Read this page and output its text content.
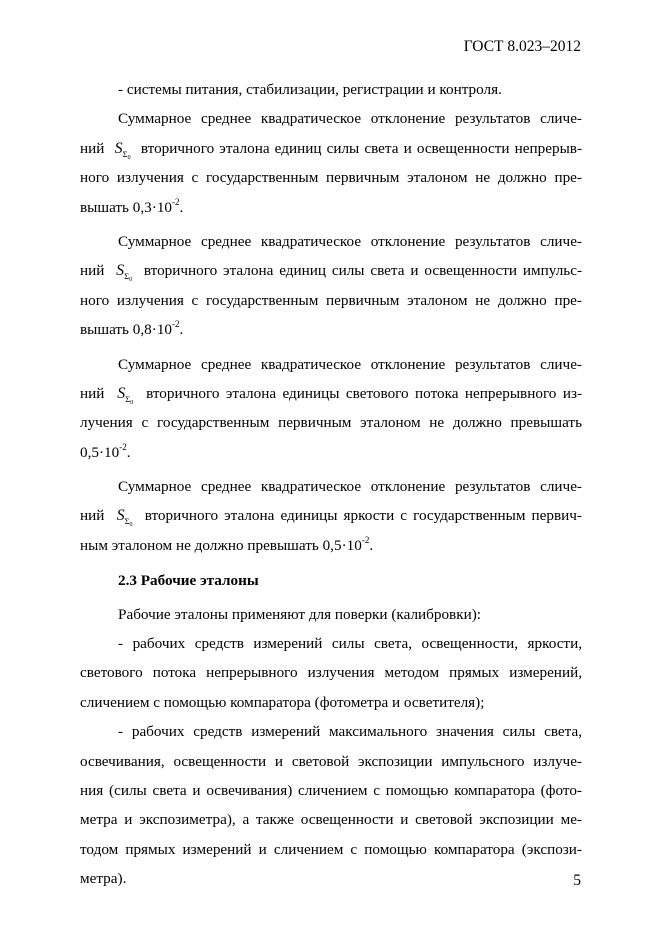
ГОСТ 8.023–2012
- системы питания, стабилизации, регистрации и контроля.
Суммарное среднее квадратическое отклонение результатов сличе-
ний $S_{\Sigma_0}$  вторичного эталона единиц силы света и освещенности непрерыв-
ного излучения с государственным первичным эталоном не должно пре-
вышать $0,3\cdot 10^{-2}$.
Суммарное среднее квадратическое отклонение результатов сличе-
ний $S_{\Sigma_0}$  вторичного эталона единиц силы света и освещенности импульс-
ного излучения с государственным первичным эталоном не должно пре-
вышать $0,8\cdot 10^{-2}$.
Суммарное среднее квадратическое отклонение результатов сличе-
ний $S_{\Sigma_0}$  вторичного эталона единицы светового потока непрерывного из-
лучения с государственным первичным эталоном не должно превышать
$0,5\cdot 10^{-2}$.
Суммарное среднее квадратическое отклонение результатов сличе-
ний $S_{\Sigma_0}$  вторичного эталона единицы яркости с государственным первич-
ным эталоном не должно превышать $0,5\cdot 10^{-2}$.
2.3 Рабочие эталоны
Рабочие эталоны применяют для поверки (калибровки):
- рабочих средств измерений силы света, освещенности, яркости,
светового потока непрерывного излучения методом прямых измерений,
сличением с помощью компаратора (фотометра и осветителя);
- рабочих средств измерений максимального значения силы света,
освечивания, освещенности и световой экспозиции импульсного излуче-
ния (силы света и освечивания) сличением с помощью компаратора (фото-
метра и экспозиметра), а также освещенности и световой экспозиции ме-
тодом прямых измерений и сличением с помощью компаратора (экспози-
метра).	5
